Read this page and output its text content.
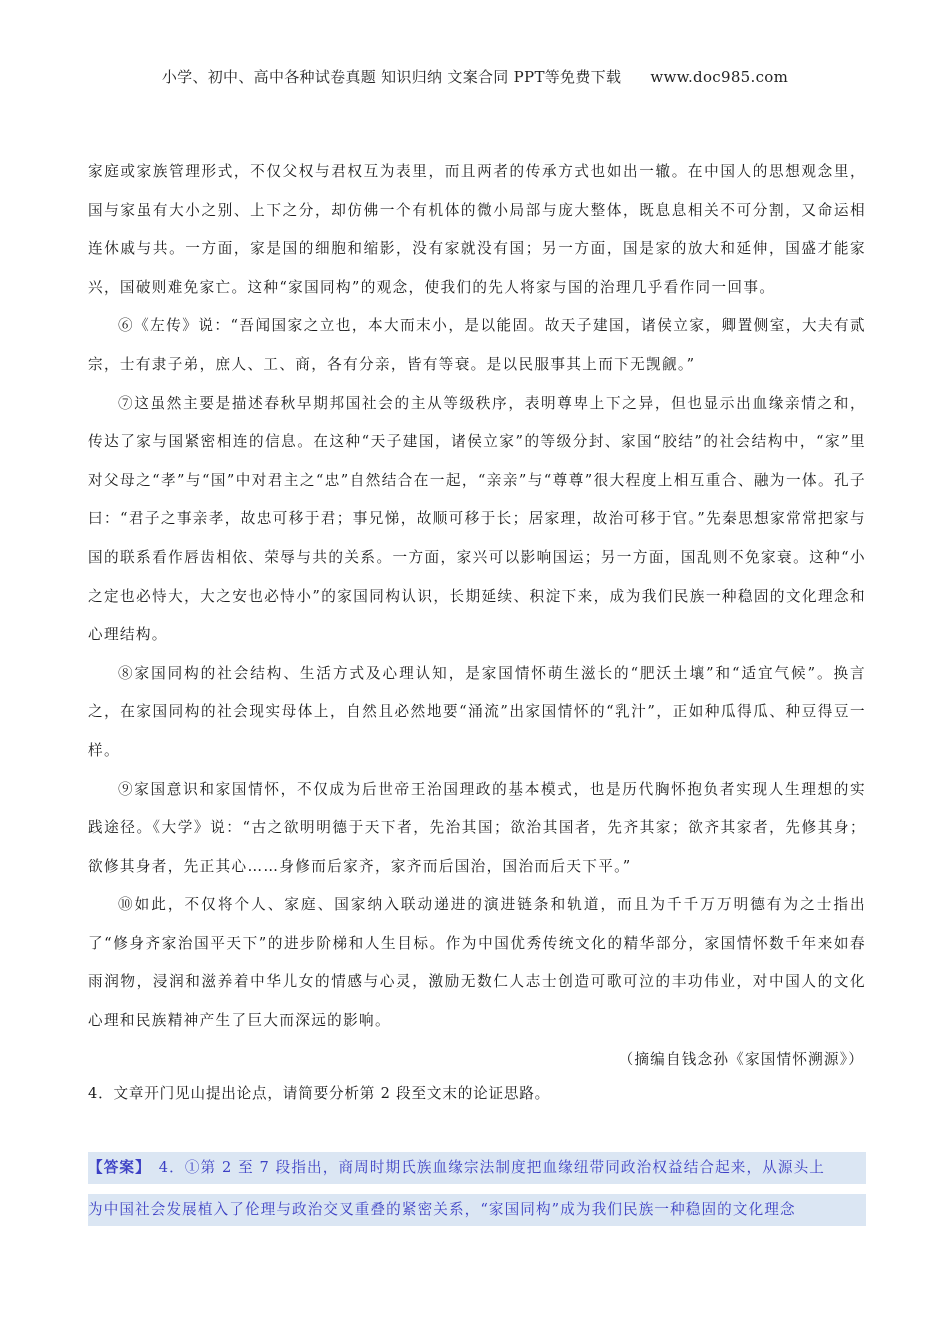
小学、初中、高中各种试卷真题 知识归纳 文案合同 PPT等免费下载 www.doc985.com

家庭或家族管理形式，不仅父权与君权互为表里，而且两者的传承方式也如出一辙。在中国人的思想观念里，国与家虽有大小之别、上下之分，却仿佛一个有机体的微小局部与庞大整体，既息息相关不可分割，又命运相连休戚与共。一方面，家是国的细胞和缩影，没有家就没有国；另一方面，国是家的放大和延伸，国盛才能家兴，国破则难免家亡。这种“家国同构”的观念，使我们的先人将家与国的治理几乎看作同一回事。

⑥《左传》说：“吾闻国家之立也，本大而末小，是以能固。故天子建国，诸侯立家，卿置侧室，大夫有贰宗，士有隶子弟，庶人、工、商，各有分亲，皆有等衰。是以民服事其上而下无觊觎。”

⑦这虽然主要是描述春秋早期邦国社会的主从等级秩序，表明尊卑上下之异，但也显示出血缘亲情之和，传达了家与国紧密相连的信息。在这种“天子建国，诸侯立家”的等级分封、家国“胶结”的社会结构中，“家”里对父母之“孝”与“国”中对君主之“忠”自然结合在一起，“亲亲”与“尊尊”很大程度上相互重合、融为一体。孔子曰：“君子之事亲孝，故忠可移于君；事兄悌，故顺可移于长；居家理，故治可移于官。”先秦思想家常常把家与国的联系看作唇齿相依、荣辱与共的关系。一方面，家兴可以影响国运；另一方面，国乱则不免家衰。这种“小之定也必恃大，大之安也必恃小”的家国同构认识，长期延续、积淀下来，成为我们民族一种稳固的文化理念和心理结构。

⑧家国同构的社会结构、生活方式及心理认知，是家国情怀萌生滋长的“肥沃土壤”和“适宜气候”。换言之，在家国同构的社会现实母体上，自然且必然地要“涌流”出家国情怀的“乳汁”，正如种瓜得瓜、种豆得豆一样。

⑨家国意识和家国情怀，不仅成为后世帝王治国理政的基本模式，也是历代胸怀抱负者实现人生理想的实践途径。《大学》说：“古之欲明明德于天下者，先治其国；欲治其国者，先齐其家；欲齐其家者，先修其身；欲修其身者，先正其心……身修而后家齐，家齐而后国治，国治而后天下平。”

⑩如此，不仅将个人、家庭、国家纳入联动递进的演进链条和轨道，而且为千千万万明德有为之士指出了“修身齐家治国平天下”的进步阶梯和人生目标。作为中国优秀传统文化的精华部分，家国情怀数千年来如春雨润物，浸润和滋养着中华儿女的情感与心灵，激励无数仁人志士创造可歌可泣的丰功伟业，对中国人的文化心理和民族精神产生了巨大而深远的影响。

（摘编自钱念孙《家国情怀溯源》）

4．文章开门见山提出论点，请简要分析第 2 段至文末的论证思路。

【答案】 4．①第 2 至 7 段指出，商周时期氏族血缘宗法制度把血缘纽带同政治权益结合起来，从源头上
为中国社会发展植入了伦理与政治交叉重叠的紧密关系，“家国同构”成为我们民族一种稳固的文化理念
